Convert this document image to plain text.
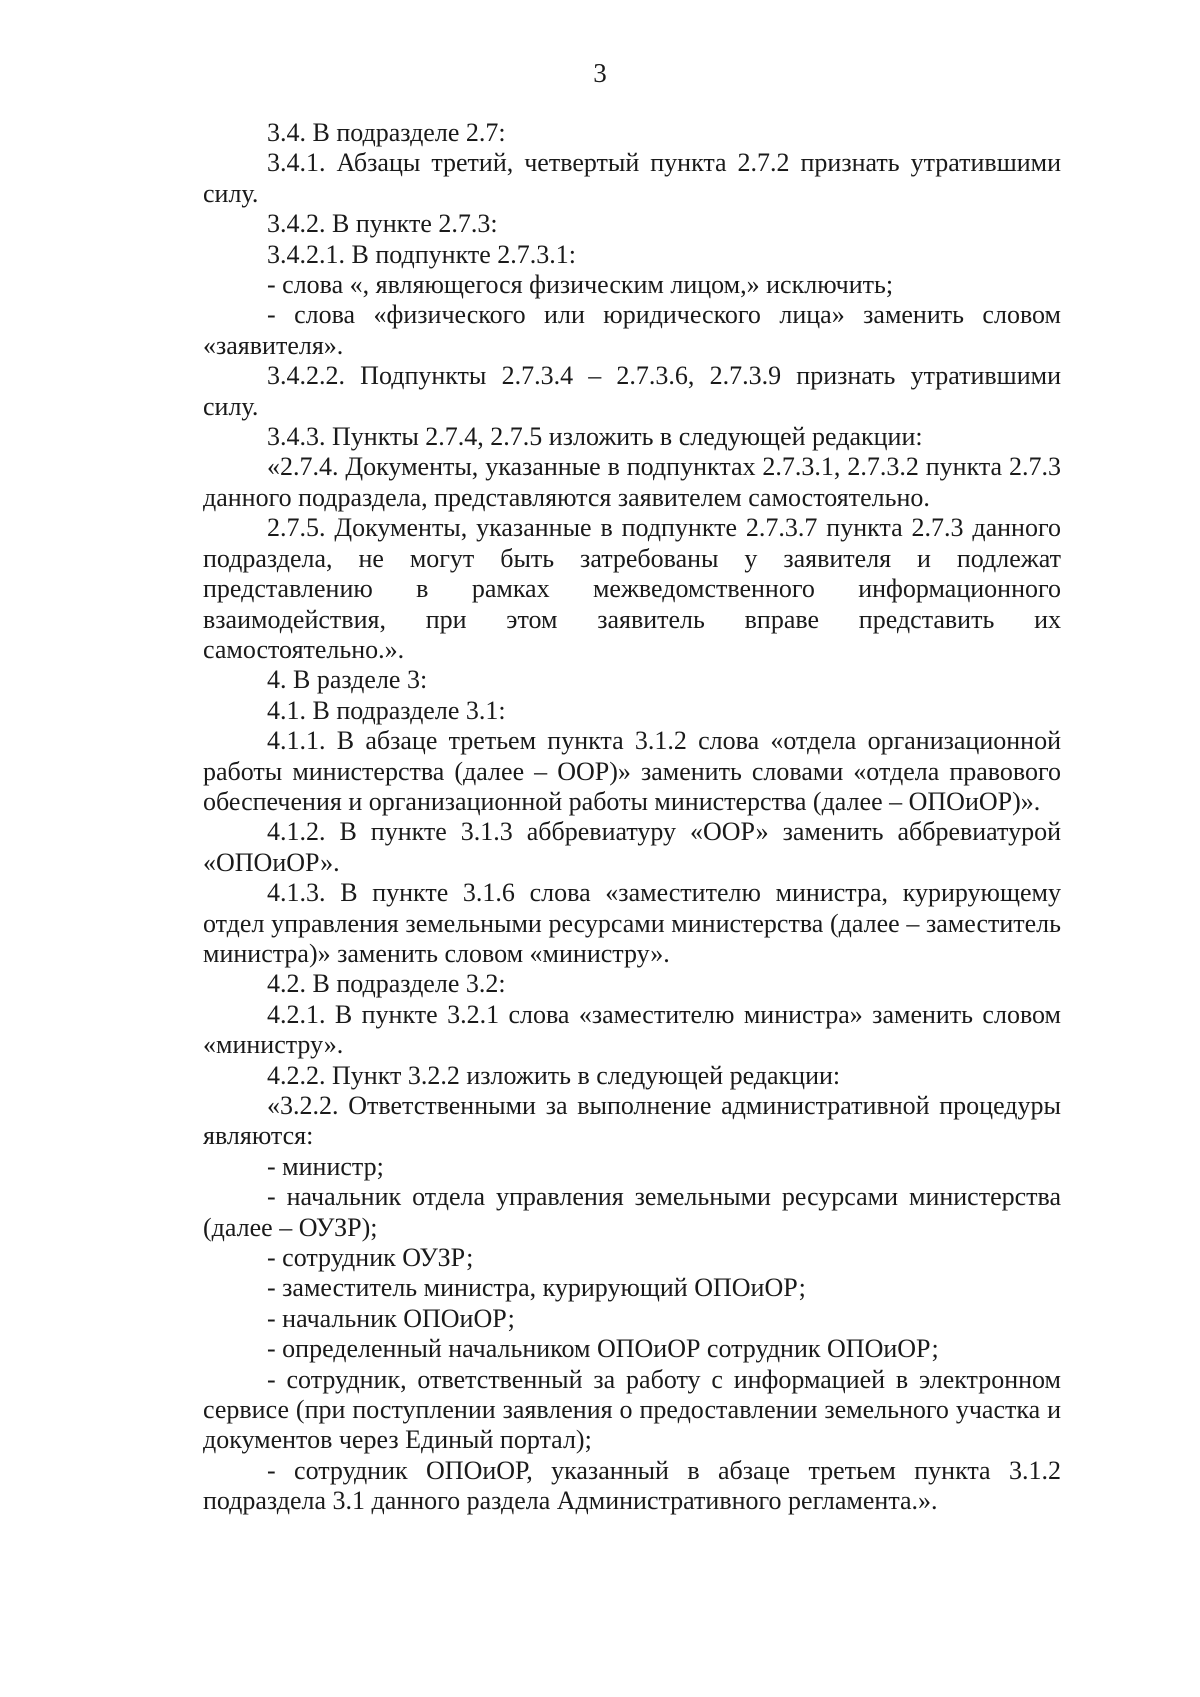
3

3.4. В подразделе 2.7:

3.4.1. Абзацы третий, четвертый пункта 2.7.2 признать утратившими силу.

3.4.2. В пункте 2.7.3:

3.4.2.1. В подпункте 2.7.3.1:

- слова «, являющегося физическим лицом,» исключить;

- слова «физического или юридического лица» заменить словом «заявителя».

3.4.2.2. Подпункты 2.7.3.4 – 2.7.3.6, 2.7.3.9 признать утратившими силу.

3.4.3. Пункты 2.7.4, 2.7.5 изложить в следующей редакции:

«2.7.4. Документы, указанные в подпунктах 2.7.3.1, 2.7.3.2 пункта 2.7.3 данного подраздела, представляются заявителем самостоятельно.

2.7.5. Документы, указанные в подпункте 2.7.3.7 пункта 2.7.3 данного подраздела, не могут быть затребованы у заявителя и подлежат представлению в рамках межведомственного информационного взаимодействия, при этом заявитель вправе представить их самостоятельно.».

4. В разделе 3:

4.1. В подразделе 3.1:

4.1.1. В абзаце третьем пункта 3.1.2 слова «отдела организационной работы министерства (далее – ООР)» заменить словами «отдела правового обеспечения и организационной работы министерства (далее – ОПОиОР)».

4.1.2. В пункте 3.1.3 аббревиатуру «ООР» заменить аббревиатурой «ОПОиОР».

4.1.3. В пункте 3.1.6 слова «заместителю министра, курирующему отдел управления земельными ресурсами министерства (далее – заместитель министра)» заменить словом «министру».

4.2. В подразделе 3.2:

4.2.1. В пункте 3.2.1 слова «заместителю министра» заменить словом «министру».

4.2.2. Пункт 3.2.2 изложить в следующей редакции:

«3.2.2. Ответственными за выполнение административной процедуры являются:

- министр;

- начальник отдела управления земельными ресурсами министерства (далее – ОУЗР);

- сотрудник ОУЗР;

- заместитель министра, курирующий ОПОиОР;

- начальник ОПОиОР;

- определенный начальником ОПОиОР сотрудник ОПОиОР;

- сотрудник, ответственный за работу с информацией в электронном сервисе (при поступлении заявления о предоставлении земельного участка и документов через Единый портал);

- сотрудник ОПОиОР, указанный в абзаце третьем пункта 3.1.2 подраздела 3.1 данного раздела Административного регламента.».
